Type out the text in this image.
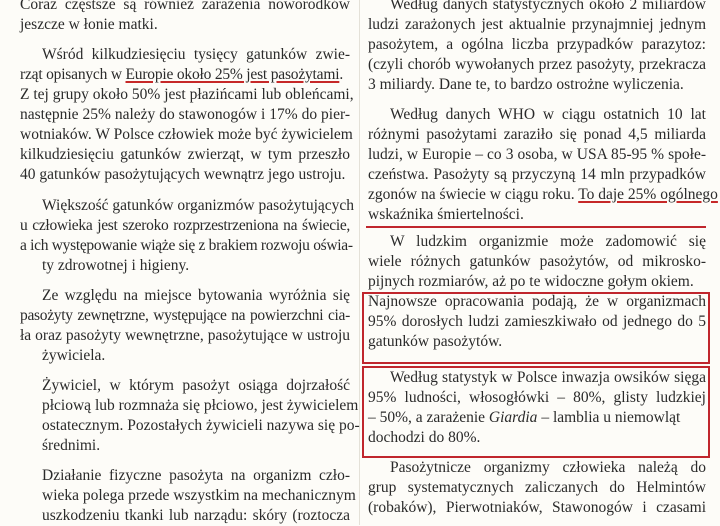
Coraz częstsze są również zarażenia noworodków
jeszcze w łonie matki.
Wśród kilkudziesięciu tysięcy gatunków zwie-
rząt opisanych w Europie około 25% jest pasożytami.
Z tej grupy około 50% jest płazińcami lub obleńcami,
następnie 25% należy do stawonogów i 17% do pier-
wotniaków. W Polsce człowiek może być żywicielem
kilkudziesięciu gatunków zwierząt, w tym przeszło
40 gatunków pasożytujących wewnątrz jego ustroju.
Większość gatunków organizmów pasożytujących
u człowieka jest szeroko rozprzestrzeniona na świecie,
a ich występowanie wiąże się z brakiem rozwoju oświa-
ty zdrowotnej i higieny.
Ze względu na miejsce bytowania wyróżnia się
pasożyty zewnętrzne, występujące na powierzchni cia-
ła oraz pasożyty wewnętrzne, pasożytujące w ustroju
żywiciela.
Żywiciel, w którym pasożyt osiąga dojrzałość
płciową lub rozmnaża się płciowo, jest żywicielem
ostatecznym. Pozostałych żywicieli nazywa się po-
średnimi.
Działanie fizyczne pasożyta na organizm czło-
wieka polega przede wszystkim na mechanicznym
uszkodzeniu tkanki lub narządu: skóry (roztocza
Według danych statystycznych około 2 miliardów
ludzi zarażonych jest aktualnie przynajmniej jednym
pasożytem, a ogólna liczba przypadków parazytoz:
(czyli chorób wywołanych przez pasożyty, przekracza
3 miliardy. Dane te, to bardzo ostrożne wyliczenia.
Według danych WHO w ciągu ostatnich 10 lat
różnymi pasożytami zaraziło się ponad 4,5 miliarda
ludzi, w Europie – co 3 osoba, w USA 85-95 % społe-
czeństwa. Pasożyty są przyczyną 14 mln przypadków
zgonów na świecie w ciągu roku. To daje 25% ogólnego
wskaźnika śmiertelności.
W ludzkim organizmie może zadomowić się
wiele różnych gatunków pasożytów, od mikrosko-
pijnych rozmiarów, aż po te widoczne gołym okiem.
Najnowsze opracowania podają, że w organizmach
95% dorosłych ludzi zamieszkiwało od jednego do 5
gatunków pasożytów.
Według statystyk w Polsce inwazja owsików sięga
95% ludności, włosogłówki – 80%, glisty ludzkiej
– 50%, a zarażenie Giardia – lamblia u niemowląt
dochodzi do 80%.
Pasożytnicze organizmy człowieka należą do
grup systematycznych zaliczanych do Helmintów
(robaków), Pierwotniaków, Stawonogów i czasami
